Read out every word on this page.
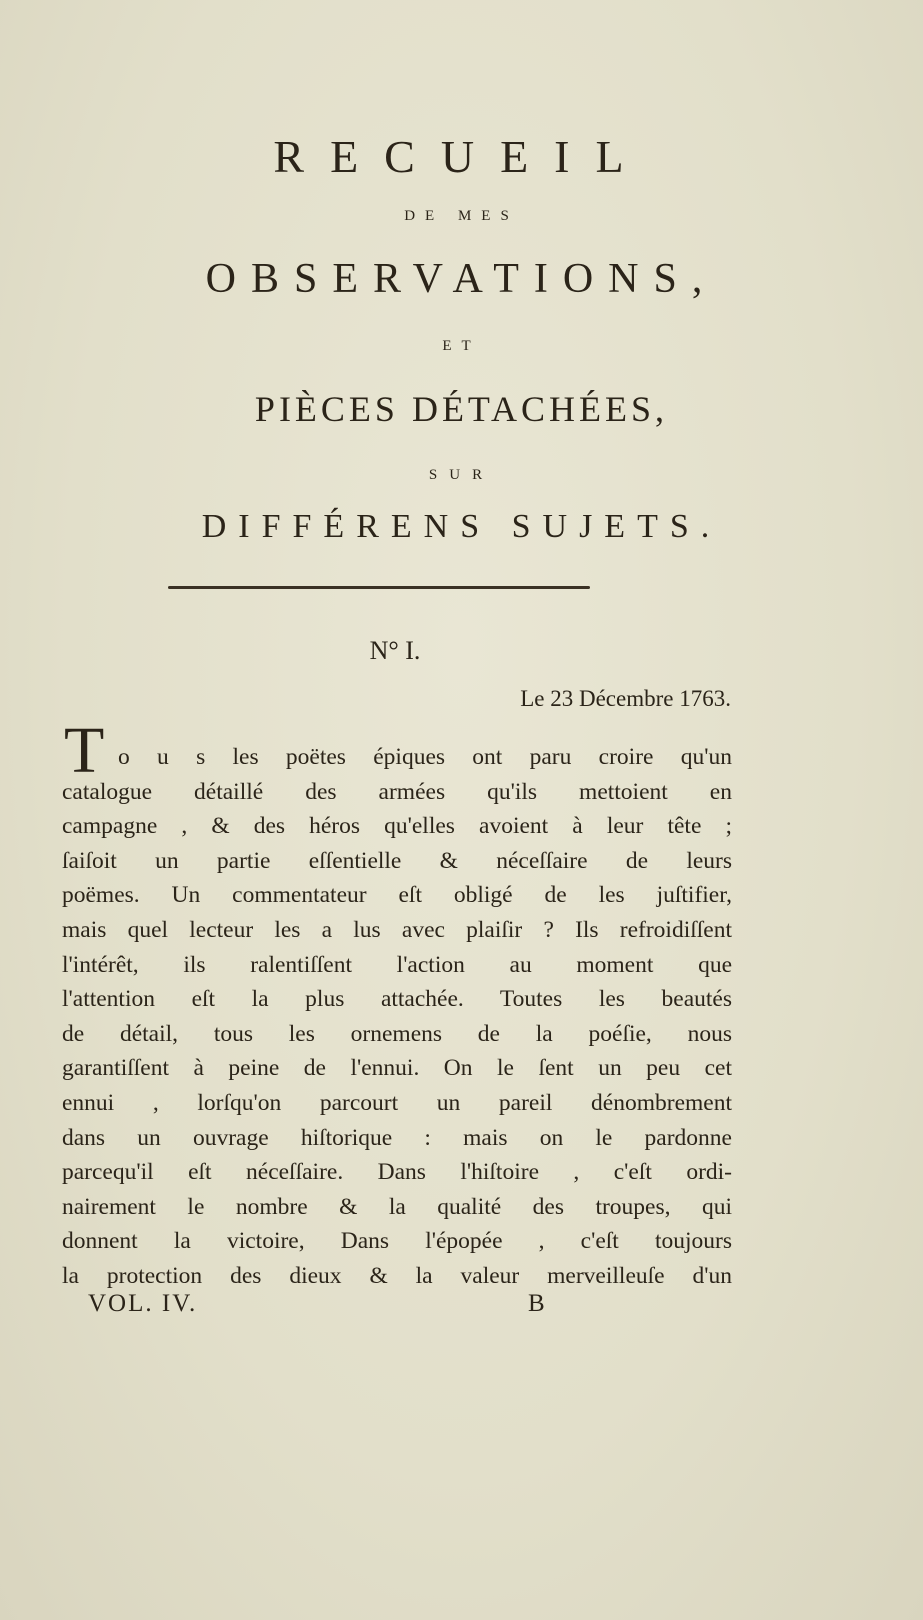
RECUEIL
DE MES
OBSERVATIONS,
ET
PIÈCES DÉTACHÉES,
SUR
DIFFÉRENS SUJETS.
N° I.
Le 23 Décembre 1763.
T o u s les poëtes épiques ont paru croire qu'un
catalogue détaillé des armées qu'ils mettoient en
campagne , & des héros qu'elles avoient à leur tête ;
ſaiſoit un partie eſſentielle & néceſſaire de leurs
poëmes. Un commentateur eſt obligé de les juſtifier,
mais quel lecteur les a lus avec plaiſir ? Ils refroidiſſent
l'intérêt, ils ralentiſſent l'action au moment que
l'attention eſt la plus attachée. Toutes les beautés
de détail, tous les ornemens de la poéſie, nous
garantiſſent à peine de l'ennui. On le ſent un peu cet
ennui , lorſqu'on parcourt un pareil dénombrement
dans un ouvrage hiſtorique : mais on le pardonne
parcequ'il eſt néceſſaire. Dans l'hiſtoire , c'eſt ordi-
nairement le nombre & la qualité des troupes, qui
donnent la victoire, Dans l'épopée , c'eſt toujours
la protection des dieux & la valeur merveilleuſe d'un
VOL. IV.	B
